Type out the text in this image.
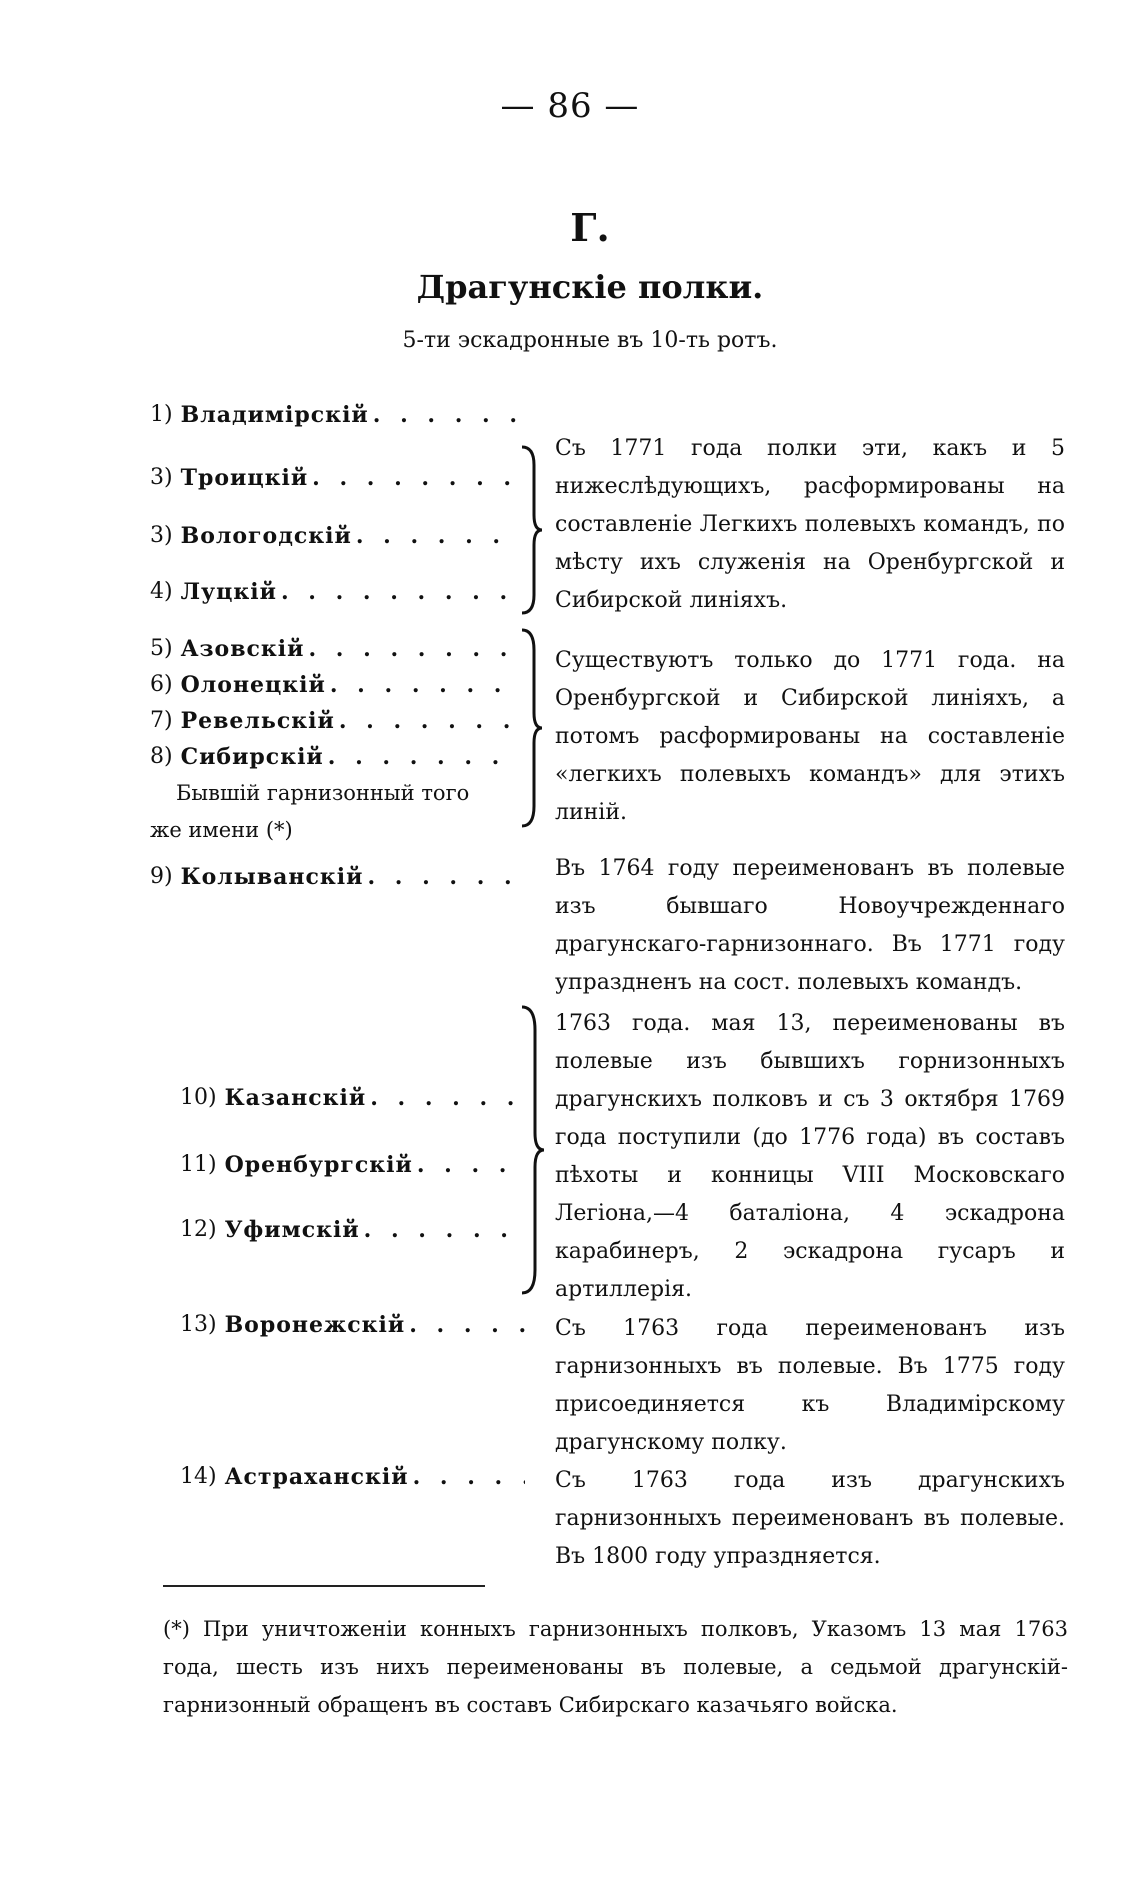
— 86 —
Г.
Драгунскіе полки.
5-ти эскадронные въ 10-ть ротъ.
1) Владимірскій
. . .
3) Троицкій
. . .
3) Вологодскій
. . .
4) Луцкій
. . .
5) Азовскій
. . .
6) Олонецкій
. . .
7) Ревельскій
. . .
8) Сибирскій
. . .
Бывшій гарнизонный того
же имени (*)
9) Колыванскій
. . .
10) Казанскій
. . .
11) Оренбургскій
. . .
12) Уфимскій
. . .
13) Воронежскій
. . .
14) Астраханскій
. . .
Съ 1771 года полки эти, какъ и 5 нижеслѣдующихъ, расформированы на составленіе Легкихъ полевыхъ командъ, по мѣсту ихъ служенія на Оренбургской и Сибирской линіяхъ.
Существуютъ только до 1771 года. на Оренбургской и Сибирской линіяхъ, а потомъ расформированы на составленіе «легкихъ полевыхъ командъ» для этихъ линій.
Въ 1764 году переименованъ въ полевые изъ бывшаго Новоучрежденнаго драгунскаго-гарнизоннаго. Въ 1771 году упраздненъ на сост. полевыхъ командъ.
1763 года. мая 13, переименованы въ полевые изъ бывшихъ горнизонныхъ драгунскихъ полковъ и съ 3 октября 1769 года поступили (до 1776 года) въ составъ пѣхоты и конницы VIII Московскаго Легіона,—4 баталіона, 4 эскадрона карабинеръ, 2 эскадрона гусаръ и артиллерія.
Съ 1763 года переименованъ изъ гарнизонныхъ въ полевые. Въ 1775 году присоединяется къ Владимірскому драгунскому полку.
Съ 1763 года изъ драгунскихъ гарнизонныхъ переименованъ въ полевые. Въ 1800 году упраздняется.
(*) При уничтоженіи конныхъ гарнизонныхъ полковъ, Указомъ 13 мая 1763 года, шесть изъ нихъ переименованы въ полевые, а седьмой драгунскій-гарнизонный обращенъ въ составъ Сибирскаго казачьяго войска.
